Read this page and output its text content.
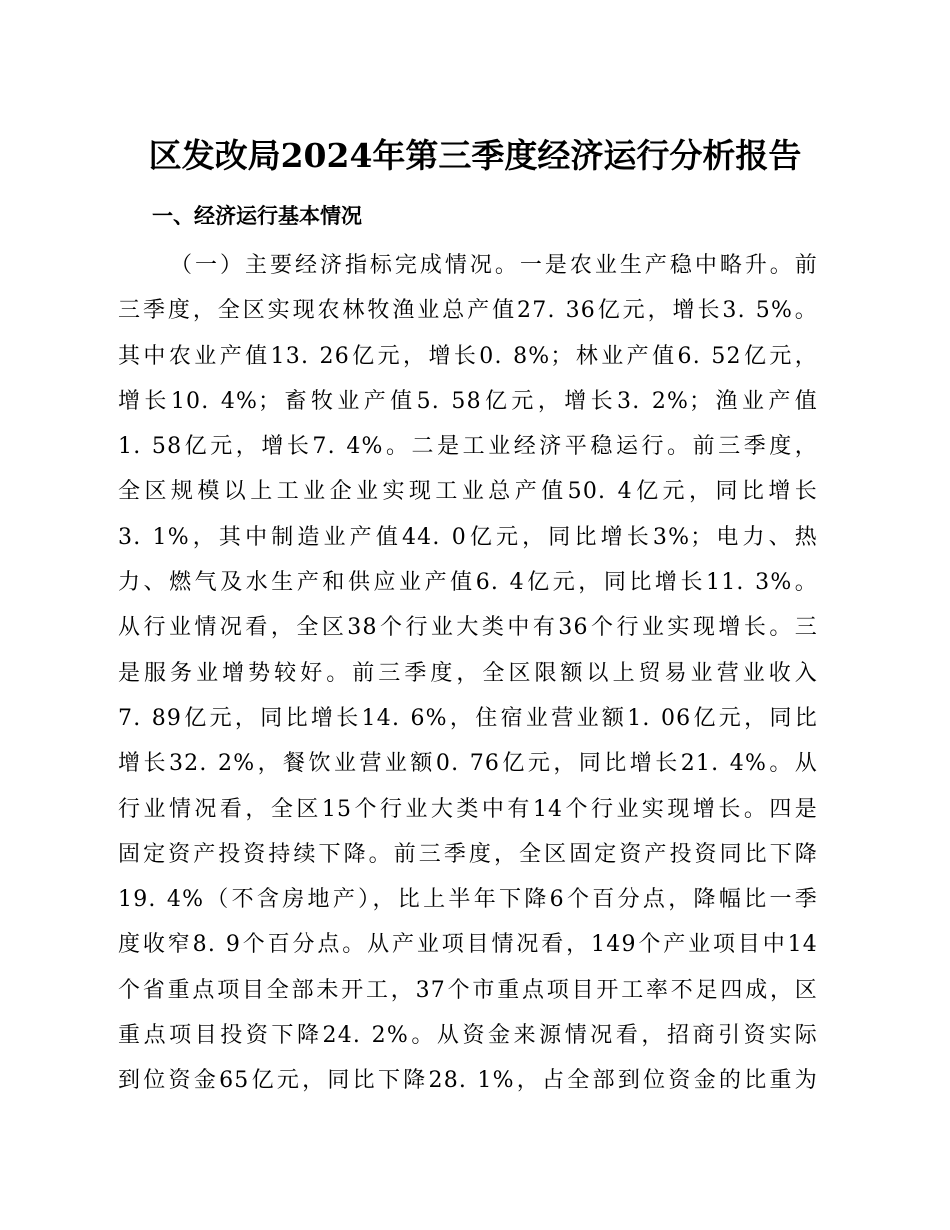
区发改局2024年第三季度经济运行分析报告
一、经济运行基本情况
（一）主要经济指标完成情况。一是农业生产稳中略升。前
三季度，全区实现农林牧渔业总产值27. 36亿元，增长3. 5%。
其中农业产值13. 26亿元，增长0. 8%；林业产值6. 52亿元，
增长10. 4%；畜牧业产值5. 58亿元，增长3. 2%；渔业产值
1. 58亿元，增长7. 4%。二是工业经济平稳运行。前三季度，
全区规模以上工业企业实现工业总产值50. 4亿元，同比增长
3. 1%，其中制造业产值44. 0亿元，同比增长3%；电力、热
力、燃气及水生产和供应业产值6. 4亿元，同比增长11. 3%。
从行业情况看，全区38个行业大类中有36个行业实现增长。三
是服务业增势较好。前三季度，全区限额以上贸易业营业收入
7. 89亿元，同比增长14. 6%，住宿业营业额1. 06亿元，同比
增长32. 2%，餐饮业营业额0. 76亿元，同比增长21. 4%。从
行业情况看，全区15个行业大类中有14个行业实现增长。四是
固定资产投资持续下降。前三季度，全区固定资产投资同比下降
19. 4%（不含房地产），比上半年下降6个百分点，降幅比一季
度收窄8. 9个百分点。从产业项目情况看，149个产业项目中14
个省重点项目全部未开工，37个市重点项目开工率不足四成，区
重点项目投资下降24. 2%。从资金来源情况看，招商引资实际
到位资金65亿元，同比下降28. 1%，占全部到位资金的比重为
